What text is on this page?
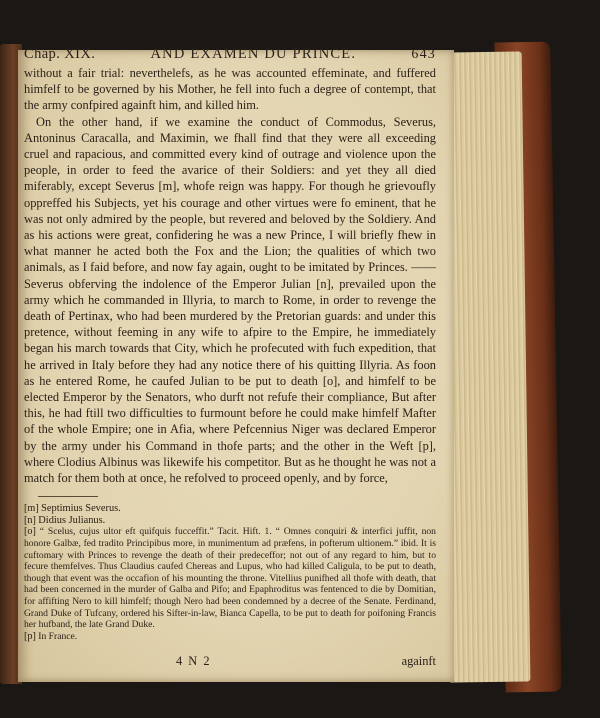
Chap. XIX.	AND EXAMEN DU PRINCE.	643

without a fair trial: neverthelefs, as he was accounted effeminate, and fuffered himfelf to be governed by his Mother, he fell into fuch a degree of contempt, that the army confpired againft him, and killed him.

On the other hand, if we examine the conduct of Commodus, Severus, Antoninus Caracalla, and Maximin, we fhall find that they were all exceeding cruel and rapacious, and committed every kind of outrage and violence upon the people, in order to feed the avarice of their Soldiers: and yet they all died miferably, except Severus [m], whofe reign was happy. For though he grievoufly oppreffed his Subjects, yet his courage and other virtues were fo eminent, that he was not only admired by the people, but revered and beloved by the Soldiery. And as his actions were great, confidering he was a new Prince, I will briefly fhew in what manner he acted both the Fox and the Lion; the qualities of which two animals, as I faid before, and now fay again, ought to be imitated by Princes. —— Severus obferving the indolence of the Emperor Julian [n], prevailed upon the army which he commanded in Illyria, to march to Rome, in order to revenge the death of Pertinax, who had been murdered by the Pretorian guards: and under this pretence, without feeming in any wife to afpire to the Empire, he immediately began his march towards that City, which he profecuted with fuch expedition, that he arrived in Italy before they had any notice there of his quitting Illyria. As foon as he entered Rome, he caufed Julian to be put to death [o], and himfelf to be elected Emperor by the Senators, who durft not refufe their compliance, But after this, he had ftill two difficulties to furmount before he could make himfelf Mafter of the whole Empire; one in Afia, where Pefcennius Niger was declared Emperor by the army under his Command in thofe parts; and the other in the Weft [p], where Clodius Albinus was likewife his competitor. But as he thought he was not a match for them both at once, he refolved to proceed openly, and by force,

[m] Septimius Severus.

[n] Didius Julianus.

[o] “ Scelus, cujus ultor eft quifquis fucceffit.” Tacit. Hift. 1. “ Omnes conquiri & interfici juffit, non honore Galbæ, fed tradito Principibus more, in munimentum ad præfens, in pofterum ultionem.” ibid. It is cuftomary with Princes to revenge the death of their predeceffor; not out of any regard to him, but to fecure themfelves. Thus Claudius caufed Chereas and Lupus, who had killed Caligula, to be put to death, though that event was the occafion of his mounting the throne. Vitellius punifhed all thofe with death, that had been concerned in the murder of Galba and Pifo; and Epaphroditus was fentenced to die by Domitian, for affifting Nero to kill himfelf; though Nero had been condemned by a decree of the Senate. Ferdinand, Grand Duke of Tufcany, ordered his Sifter-in-law, Bianca Capella, to be put to death for poifoning Francis her hufband, the late Grand Duke.

[p] In France.

4 N 2	againft
